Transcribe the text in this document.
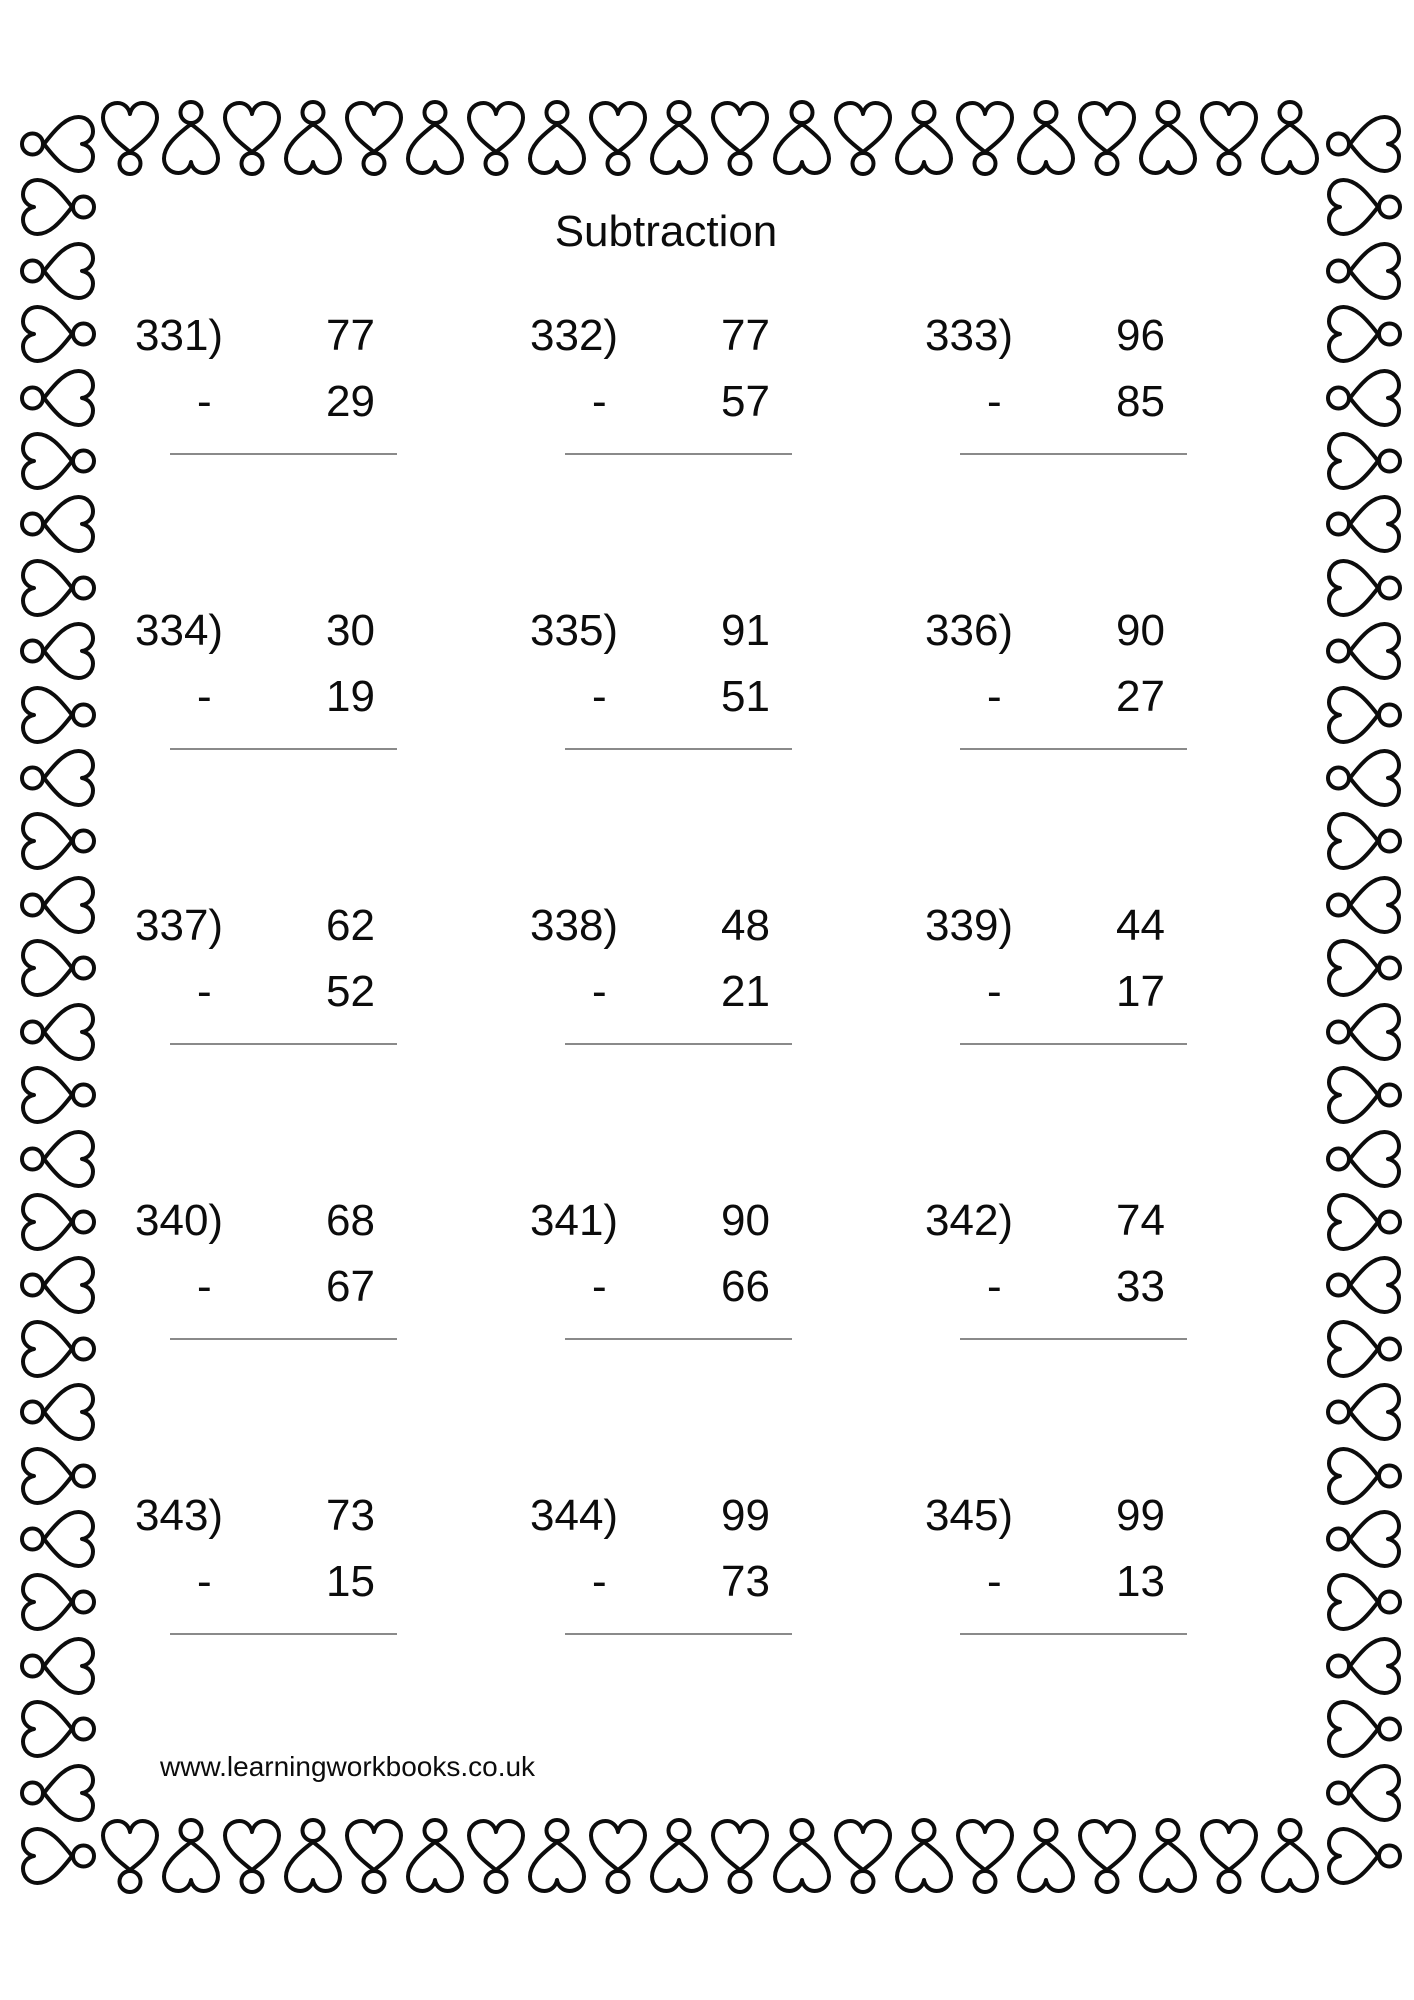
Subtraction
331) 77
-	29
332) 77
-	57
333) 96
-	85
334) 30
-	19
335) 91
-	51
336) 90
-	27
337) 62
-	52
338) 48
-	21
339) 44
-	17
340) 68
-	67
341) 90
-	66
342) 74
-	33
343) 73
-	15
344) 99
-	73
345) 99
-	13
www.learningworkbooks.co.uk
